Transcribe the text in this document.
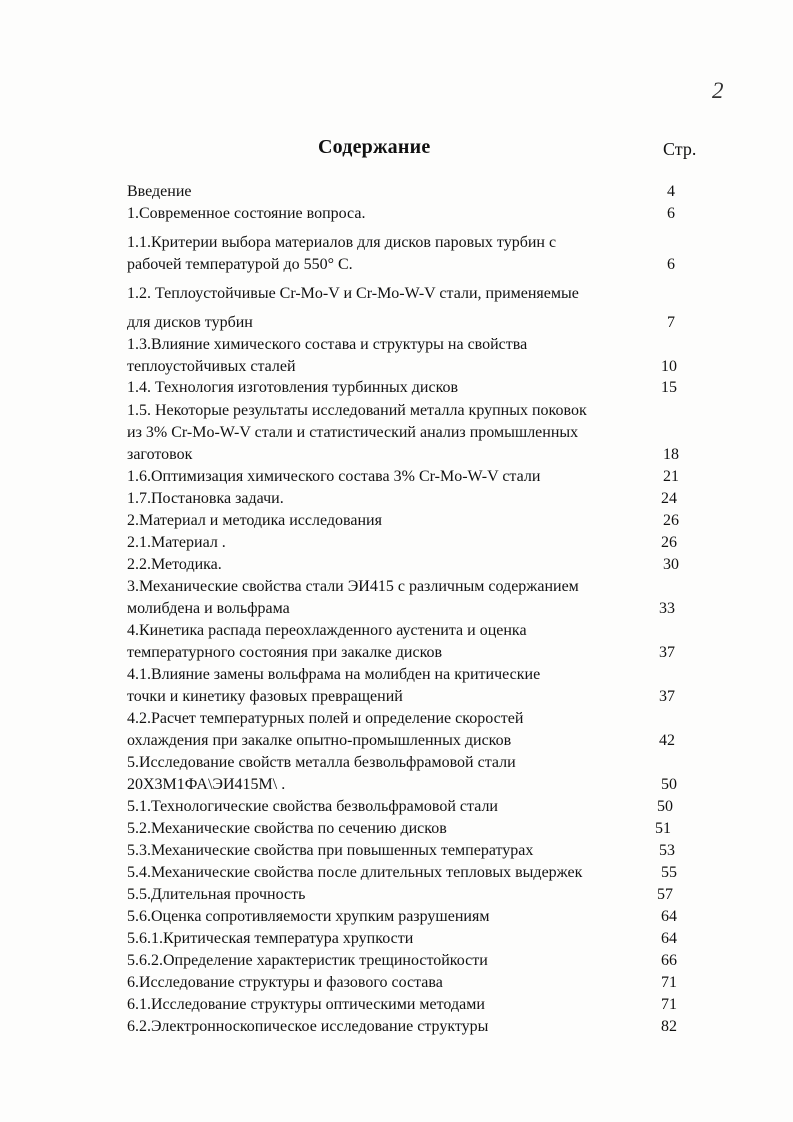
2
Содержание	Стр.
Введение	4
1.Современное состояние вопроса.	6
1.1.Критерии выбора материалов для дисков паровых турбин с
рабочей температурой до 550° С.	6
1.2. Теплоустойчивые Cr-Mo-V и Cr-Mo-W-V стали, применяемые
для дисков турбин	7
1.3.Влияние химического состава и структуры на свойства
теплоустойчивых сталей	10
1.4. Технология изготовления турбинных дисков	15
1.5. Некоторые результаты исследований металла крупных поковок
из 3% Cr-Mo-W-V стали и статистический анализ промышленных
заготовок	18
1.6.Оптимизация химического состава 3% Cr-Mo-W-V стали	21
1.7.Постановка задачи.	24
2.Материал и методика исследования	26
2.1.Материал .	26
2.2.Методика.	30
3.Механические свойства стали ЭИ415 с различным содержанием
молибдена и вольфрама	33
4.Кинетика распада переохлажденного аустенита и оценка
температурного состояния при закалке дисков	37
4.1.Влияние замены вольфрама на молибден на критические
точки и кинетику фазовых превращений	37
4.2.Расчет температурных полей и определение скоростей
охлаждения при закалке опытно-промышленных дисков	42
5.Исследование свойств металла безвольфрамовой стали
20Х3М1ФА\ЭИ415М\ .	50
5.1.Технологические свойства безвольфрамовой стали	50
5.2.Механические свойства по сечению дисков	51
5.3.Механические свойства при повышенных температурах	53
5.4.Механические свойства после длительных тепловых выдержек	55
5.5.Длительная прочность	57
5.6.Оценка сопротивляемости хрупким разрушениям	64
5.6.1.Критическая температура хрупкости	64
5.6.2.Определение характеристик трещиностойкости	66
6.Исследование структуры и фазового состава	71
6.1.Исследование структуры оптическими методами	71
6.2.Электронноскопическое исследование структуры	82
